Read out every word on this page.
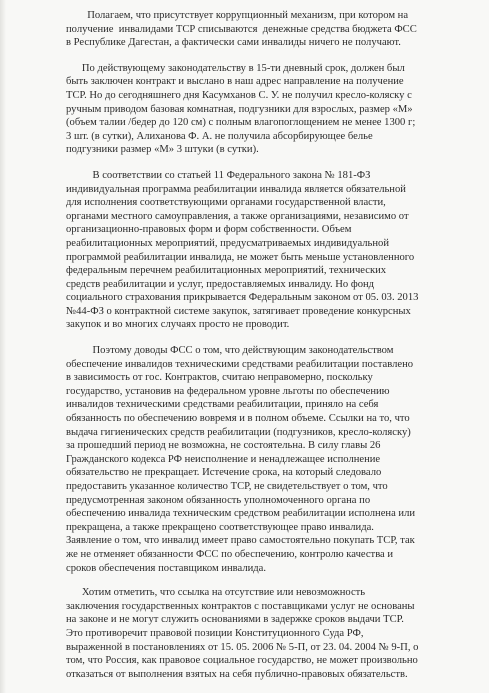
Полагаем, что присутствует коррупционный механизм, при котором на
получение  инвалидами ТСР списываются  денежные средства бюджета ФСС
в Республике Дагестан, а фактически сами инвалиды ничего не получают.

По действующему законодательству в 15-ти дневный срок, должен был
быть заключен контракт и выслано в наш адрес направление на получение
ТСР. Но до сегодняшнего дня Касумханов С. У. не получил кресло-коляску с
ручным приводом базовая комнатная, подгузники для взрослых, размер «М»
(объем талии /бедер до 120 см) с полным влагопоглощением не менее 1300 г;
3 шт. (в сутки), Алиханова Ф. А. не получила абсорбирующее белье
подгузники размер «М» 3 штуки (в сутки).

В соответствии со статьей 11 Федерального закона № 181-ФЗ
индивидуальная программа реабилитации инвалида является обязательной
для исполнения соответствующими органами государственной власти,
органами местного самоуправления, а также организациями, независимо от
организационно-правовых форм и форм собственности. Объем
реабилитационных мероприятий, предусматриваемых индивидуальной
программой реабилитации инвалида, не может быть меньше установленного
федеральным перечнем реабилитационных мероприятий, технических
средств реабилитации и услуг, предоставляемых инвалиду. Но фонд
социального страхования прикрывается Федеральным законом от 05. 03. 2013
№44-ФЗ о контрактной системе закупок, затягивает проведение конкурсных
закупок и во многих случаях просто не проводит.

Поэтому доводы ФСС о том, что действующим законодательством
обеспечение инвалидов техническими средствами реабилитации поставлено
в зависимость от гос. Контрактов, считаю неправомерно, поскольку
государство, установив на федеральном уровне льготы по обеспечению
инвалидов техническими средствами реабилитации, приняло на себя
обязанность по обеспечению вовремя и в полном объеме. Ссылки на то, что
выдача гигиенических средств реабилитации (подгузников, кресло-коляску)
за прошедший период не возможна, не состоятельна. В силу главы 26
Гражданского кодекса РФ неисполнение и ненадлежащее исполнение
обязательство не прекращает. Истечение срока, на который следовало
предоставить указанное количество ТСР, не свидетельствует о том, что
предусмотренная законом обязанность уполномоченного органа по
обеспечению инвалида техническим средством реабилитации исполнена или
прекращена, а также прекращено соответствующее право инвалида.
Заявление о том, что инвалид имеет право самостоятельно покупать ТСР, так
же не отменяет обязанности ФСС по обеспечению, контролю качества и
сроков обеспечения поставщиком инвалида.

Хотим отметить, что ссылка на отсутствие или невозможность
заключения государственных контрактов с поставщиками услуг не основаны
на законе и не могут служить основаниями в задержке сроков выдачи ТСР.
Это противоречит правовой позиции Конституционного Суда РФ,
выраженной в постановлениях от 15. 05. 2006 № 5-П, от 23. 04. 2004 № 9-П, о
том, что Россия, как правовое социальное государство, не может произвольно
отказаться от выполнения взятых на себя публично-правовых обязательств.
